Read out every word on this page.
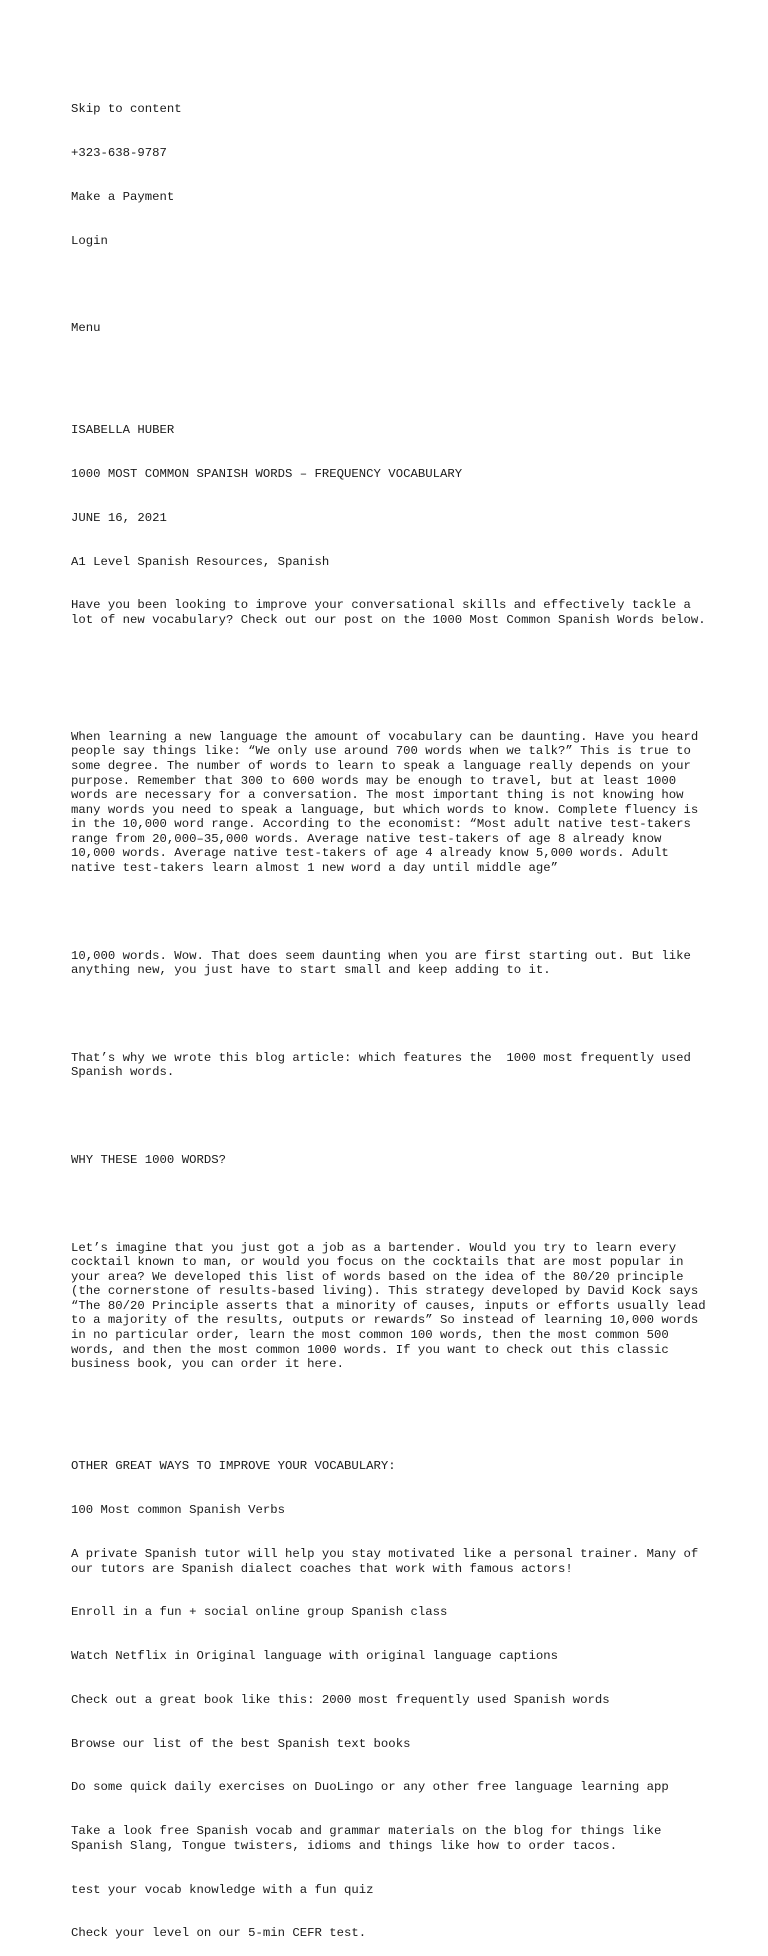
Skip to content

+323-638-9787

Make a Payment

Login

Menu

ISABELLA HUBER

1000 MOST COMMON SPANISH WORDS – FREQUENCY VOCABULARY

JUNE 16, 2021

A1 Level Spanish Resources, Spanish

Have you been looking to improve your conversational skills and effectively tackle a lot of new vocabulary? Check out our post on the 1000 Most Common Spanish Words below.

When learning a new language the amount of vocabulary can be daunting. Have you heard people say things like: “We only use around 700 words when we talk?” This is true to some degree. The number of words to learn to speak a language really depends on your purpose. Remember that 300 to 600 words may be enough to travel, but at least 1000 words are necessary for a conversation. The most important thing is not knowing how many words you need to speak a language, but which words to know. Complete fluency is in the 10,000 word range. According to the economist: “Most adult native test-takers range from 20,000–35,000 words. Average native test-takers of age 8 already know 10,000 words. Average native test-takers of age 4 already know 5,000 words. Adult native test-takers learn almost 1 new word a day until middle age”

10,000 words. Wow. That does seem daunting when you are first starting out. But like anything new, you just have to start small and keep adding to it.

That’s why we wrote this blog article: which features the  1000 most frequently used Spanish words.

WHY THESE 1000 WORDS?

Let’s imagine that you just got a job as a bartender. Would you try to learn every cocktail known to man, or would you focus on the cocktails that are most popular in your area? We developed this list of words based on the idea of the 80/20 principle (the cornerstone of results-based living). This strategy developed by David Kock says “The 80/20 Principle asserts that a minority of causes, inputs or efforts usually lead to a majority of the results, outputs or rewards” So instead of learning 10,000 words in no particular order, learn the most common 100 words, then the most common 500 words, and then the most common 1000 words. If you want to check out this classic business book, you can order it here.

OTHER GREAT WAYS TO IMPROVE YOUR VOCABULARY:

100 Most common Spanish Verbs

A private Spanish tutor will help you stay motivated like a personal trainer. Many of our tutors are Spanish dialect coaches that work with famous actors!

Enroll in a fun + social online group Spanish class

Watch Netflix in Original language with original language captions

Check out a great book like this: 2000 most frequently used Spanish words

Browse our list of the best Spanish text books

Do some quick daily exercises on DuoLingo or any other free language learning app

Take a look free Spanish vocab and grammar materials on the blog for things like Spanish Slang, Tongue twisters, idioms and things like how to order tacos.

test your vocab knowledge with a fun quiz

Check your level on our 5-min CEFR test.
